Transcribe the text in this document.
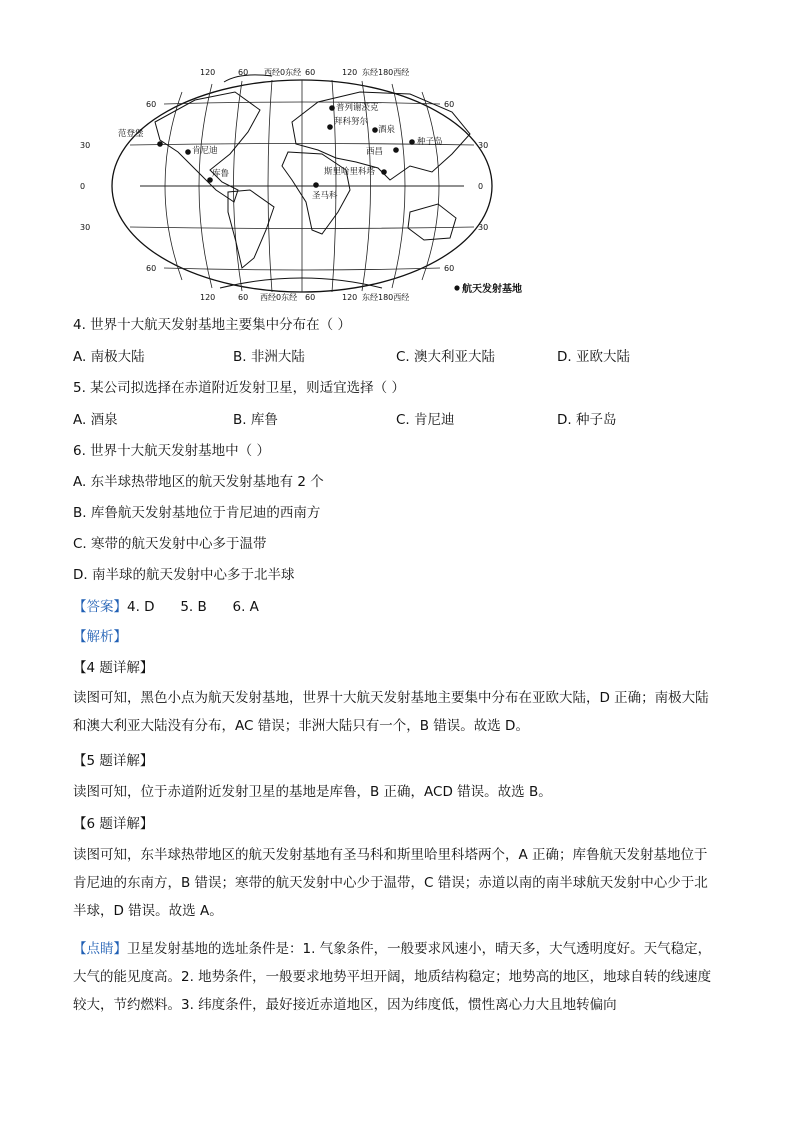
普列谢茨克
拜科努尔
酒泉
种子岛
范登堡
肯尼迪
库鲁
西昌
斯里哈里科塔
圣马科
120	60 西经0东经 60	120 东经180西经
120	60 西经0东经 60	120 东经180西经
60
30
0
30
60
60
30
0
30
60
航天发射基地
4. 世界十大航天发射基地主要集中分布在（ ）
A. 南极大陆	B. 非洲大陆	C. 澳大利亚大陆	D. 亚欧大陆
5. 某公司拟选择在赤道附近发射卫星，则适宜选择（ ）
A. 酒泉	B. 库鲁	C. 肯尼迪	D. 种子岛
6. 世界十大航天发射基地中（ ）
A. 东半球热带地区的航天发射基地有 2 个
B. 库鲁航天发射基地位于肯尼迪的西南方
C. 寒带的航天发射中心多于温带
D. 南半球的航天发射中心多于北半球
【答案】4. D      5. B      6. A
【解析】
【4 题详解】
读图可知，黑色小点为航天发射基地，世界十大航天发射基地主要集中分布在亚欧大陆，D 正确；南极大陆和澳大利亚大陆没有分布，AC 错误；非洲大陆只有一个，B 错误。故选 D。
【5 题详解】
读图可知，位于赤道附近发射卫星的基地是库鲁，B 正确，ACD 错误。故选 B。
【6 题详解】
读图可知，东半球热带地区的航天发射基地有圣马科和斯里哈里科塔两个，A 正确；库鲁航天发射基地位于肯尼迪的东南方，B 错误；寒带的航天发射中心少于温带，C 错误；赤道以南的南半球航天发射中心少于北半球，D 错误。故选 A。
【点睛】卫星发射基地的选址条件是：1. 气象条件，一般要求风速小，晴天多，大气透明度好。天气稳定，大气的能见度高。2. 地势条件，一般要求地势平坦开阔，地质结构稳定；地势高的地区，地球自转的线速度较大，节约燃料。3. 纬度条件，最好接近赤道地区，因为纬度低，惯性离心力大且地转偏向
